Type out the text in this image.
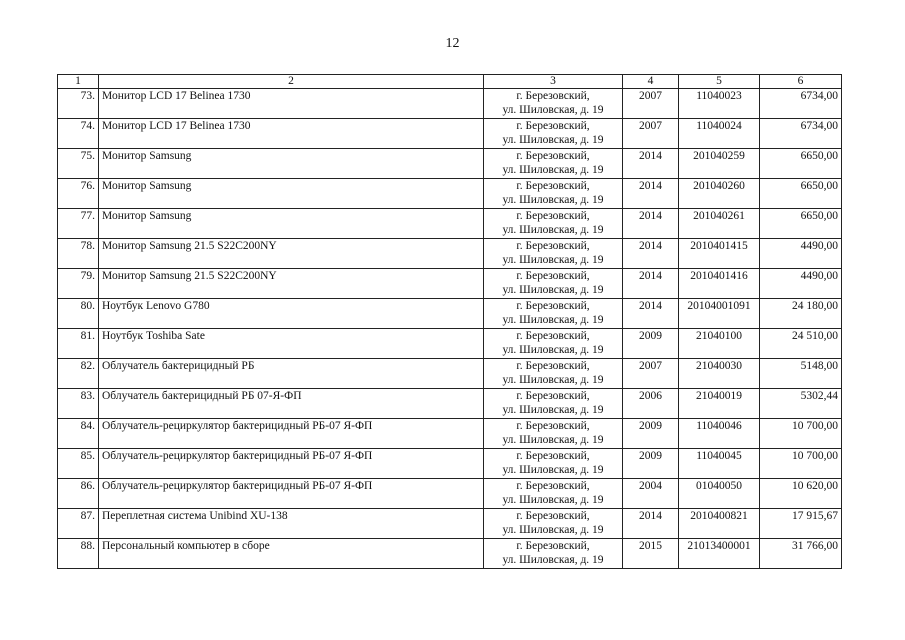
12
1	2	3	4	5	6
73.	Монитор LCD 17 Belinea 1730	г. Березовский,
ул. Шиловская, д. 19	2007	11040023	6734,00
74.	Монитор LCD 17 Belinea 1730	г. Березовский,
ул. Шиловская, д. 19	2007	11040024	6734,00
75.	Монитор Samsung	г. Березовский,
ул. Шиловская, д. 19	2014	201040259	6650,00
76.	Монитор Samsung	г. Березовский,
ул. Шиловская, д. 19	2014	201040260	6650,00
77.	Монитор Samsung	г. Березовский,
ул. Шиловская, д. 19	2014	201040261	6650,00
78.	Монитор Samsung 21.5 S22C200NY	г. Березовский,
ул. Шиловская, д. 19	2014	2010401415	4490,00
79.	Монитор Samsung 21.5 S22C200NY	г. Березовский,
ул. Шиловская, д. 19	2014	2010401416	4490,00
80.	Ноутбук Lenovo G780	г. Березовский,
ул. Шиловская, д. 19	2014	20104001091	24 180,00
81.	Ноутбук Toshiba Sate	г. Березовский,
ул. Шиловская, д. 19	2009	21040100	24 510,00
82.	Облучатель бактерицидный РБ	г. Березовский,
ул. Шиловская, д. 19	2007	21040030	5148,00
83.	Облучатель бактерицидный РБ 07-Я-ФП	г. Березовский,
ул. Шиловская, д. 19	2006	21040019	5302,44
84.	Облучатель-рециркулятор бактерицидный РБ-07 Я-ФП	г. Березовский,
ул. Шиловская, д. 19	2009	11040046	10 700,00
85.	Облучатель-рециркулятор бактерицидный РБ-07 Я-ФП	г. Березовский,
ул. Шиловская, д. 19	2009	11040045	10 700,00
86.	Облучатель-рециркулятор бактерицидный РБ-07 Я-ФП	г. Березовский,
ул. Шиловская, д. 19	2004	01040050	10 620,00
87.	Переплетная система Unibind XU-138	г. Березовский,
ул. Шиловская, д. 19	2014	2010400821	17 915,67
88.	Персональный компьютер в сборе	г. Березовский,
ул. Шиловская, д. 19	2015	21013400001	31 766,00
